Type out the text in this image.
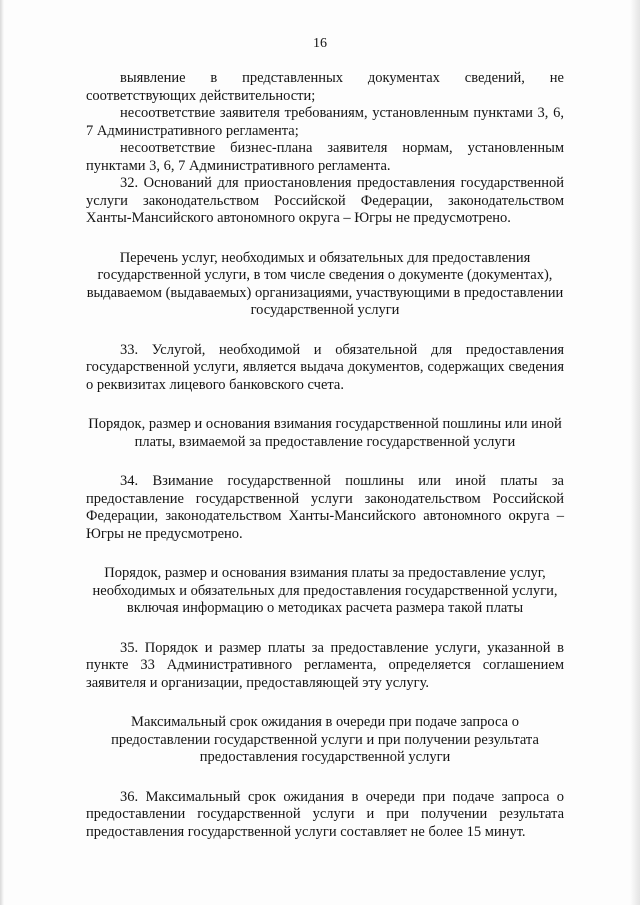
16

выявление в представленных документах сведений, не соответствующих действительности;

несоответствие заявителя требованиям, установленным пунктами 3, 6, 7 Административного регламента;

несоответствие бизнес-плана заявителя нормам, установленным пунктами 3, 6, 7 Административного регламента.

32. Оснований для приостановления предоставления государственной услуги законодательством Российской Федерации, законодательством Ханты-Мансийского автономного округа – Югры не предусмотрено.

Перечень услуг, необходимых и обязательных для предоставления государственной услуги, в том числе сведения о документе (документах), выдаваемом (выдаваемых) организациями, участвующими в предоставлении государственной услуги

33. Услугой, необходимой и обязательной для предоставления государственной услуги, является выдача документов, содержащих сведения о реквизитах лицевого банковского счета.

Порядок, размер и основания взимания государственной пошлины или иной платы, взимаемой за предоставление государственной услуги

34. Взимание государственной пошлины или иной платы за предоставление государственной услуги законодательством Российской Федерации, законодательством Ханты-Мансийского автономного округа – Югры не предусмотрено.

Порядок, размер и основания взимания платы за предоставление услуг, необходимых и обязательных для предоставления государственной услуги, включая информацию о методиках расчета размера такой платы

35. Порядок и размер платы за предоставление услуги, указанной в пункте 33 Административного регламента, определяется соглашением заявителя и организации, предоставляющей эту услугу.

Максимальный срок ожидания в очереди при подаче запроса о предоставлении государственной услуги и при получении результата предоставления государственной услуги

36. Максимальный срок ожидания в очереди при подаче запроса о предоставлении государственной услуги и при получении результата предоставления государственной услуги составляет не более 15 минут.
